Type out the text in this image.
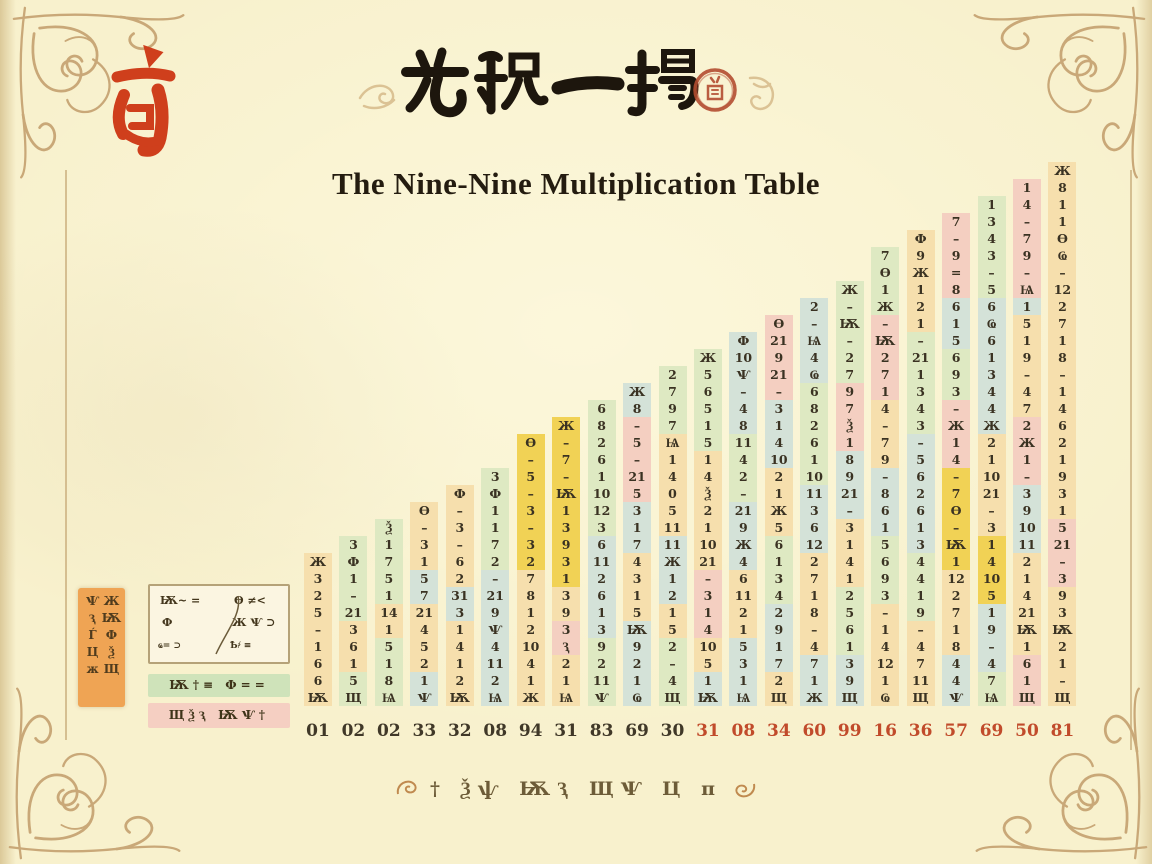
The Nine-Nine Multiplication Table
Ж
3
2
5
–
1
6
6
Ѭ
01
3
Ф
1
–
21
3
6
1
5
Щ
02
Ѯ
1
7
5
1
14
1
5
1
8
Ѩ
02
Ѳ
–
3
1
5
7
21
4
5
2
1
Ѱ
33
Ф
–
3
–
6
2
31
3
1
4
1
2
Ѭ
32
3
Ф
1
1
7
2
–
21
9
Ѱ
4
11
2
Ѩ
08
Ѳ
–
5
–
3
–
3
2
7
8
1
2
10
4
1
Ж
94
Ж
–
7
–
Ѭ
1
3
9
3
1
3
9
3
Ԇ
2
1
Ѩ
31
6
8
2
6
1
10
12
3
6
11
2
6
1
3
9
2
11
Ѱ
83
Ж
8
–
5
–
21
5
3
1
7
4
3
1
5
Ѭ
9
2
1
Ҩ
69
2
7
9
7
Ѩ
1
4
0
5
11
11
Ж
1
2
1
5
2
–
4
Щ
30
Ж
5
6
5
1
5
1
4
Ѯ
2
1
10
21
–
3
1
4
10
5
1
Ѭ
31
Ф
10
Ѱ
–
4
8
11
4
2
–
21
9
Ж
4
6
11
2
1
5
3
1
Ѩ
08
Ѳ
21
9
21
–
3
1
4
10
2
1
Ж
5
6
1
3
4
2
9
1
7
2
Щ
34
2
–
Ѩ
4
Ҩ
6
8
2
6
1
10
11
3
6
12
2
7
1
8
–
4
7
1
Ж
60
Ж
–
Ѭ
–
2
7
9
7
Ѯ
1
8
9
21
–
3
1
4
1
2
5
6
1
3
9
Щ
99
7
Ѳ
1
Ж
–
Ѭ
2
7
1
4
–
7
9
–
8
6
1
5
6
9
3
–
1
4
12
1
Ҩ
16
Ф
9
Ж
1
2
1
–
21
1
3
4
3
–
5
6
2
6
1
3
4
4
1
9
–
4
7
11
Щ
36
7
–
9
=
8
6
1
5
6
9
3
–
Ж
1
4
–
7
Ѳ
–
Ѭ
1
12
2
7
1
8
4
4
Ѱ
57
1
3
4
3
–
5
6
Ҩ
6
1
3
4
4
Ж
2
1
10
21
–
3
1
4
10
5
1
9
–
4
7
Ѩ
69
1
4
–
7
9
–
Ѩ
1
5
1
9
–
4
7
2
Ж
1
–
3
9
10
11
2
1
4
21
Ѭ
1
6
1
Щ
50
Ж
8
1
1
Ѳ
Ҩ
–
12
2
7
1
8
–
1
4
6
2
1
9
3
1
5
21
–
3
9
3
Ѭ
2
1
–
Щ
81
ЖѬФѮЩ
ѰԆЃЦж	Ѭ~ =
Ф
ҩ= ⊃
Ѳ ≠<
Ж Ѱ ⊃
Ҍ҂ ≡
Ѭ†≡ Ф==
ЩѮԆ ѬѰ†
† Ѯѱ ѬԆ ЩѰ Ц π
